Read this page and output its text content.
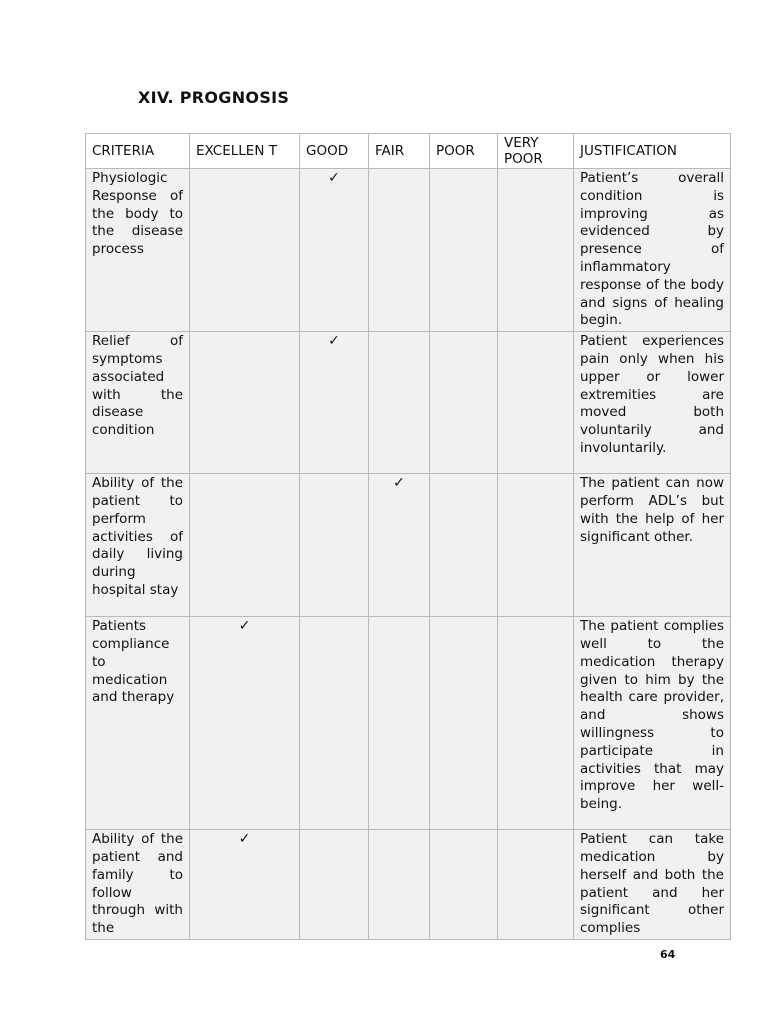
XIV. PROGNOSIS
CRITERIA	EXCELLEN T	GOOD	FAIR	POOR	VERY POOR	JUSTIFICATION
Physiologic Response of the body to the disease process		✓				Patient’s overall condition is improving as evidenced by presence of inflammatory response of the body and signs of healing begin.
Relief of symptoms associated with the disease condition		✓				Patient experiences pain only when his upper or lower extremities are moved both voluntarily and involuntarily.
Ability of the patient to perform activities of daily living during hospital stay			✓			The patient can now perform ADL’s but with the help of her significant other.
Patients compliance to medication and therapy	✓					The patient complies well to the medication therapy given to him by the health care provider, and shows willingness to participate in activities that may improve her well-being.
Ability of the patient and family to follow through with the	✓					Patient can take medication by herself and both the patient and her significant other complies
64
